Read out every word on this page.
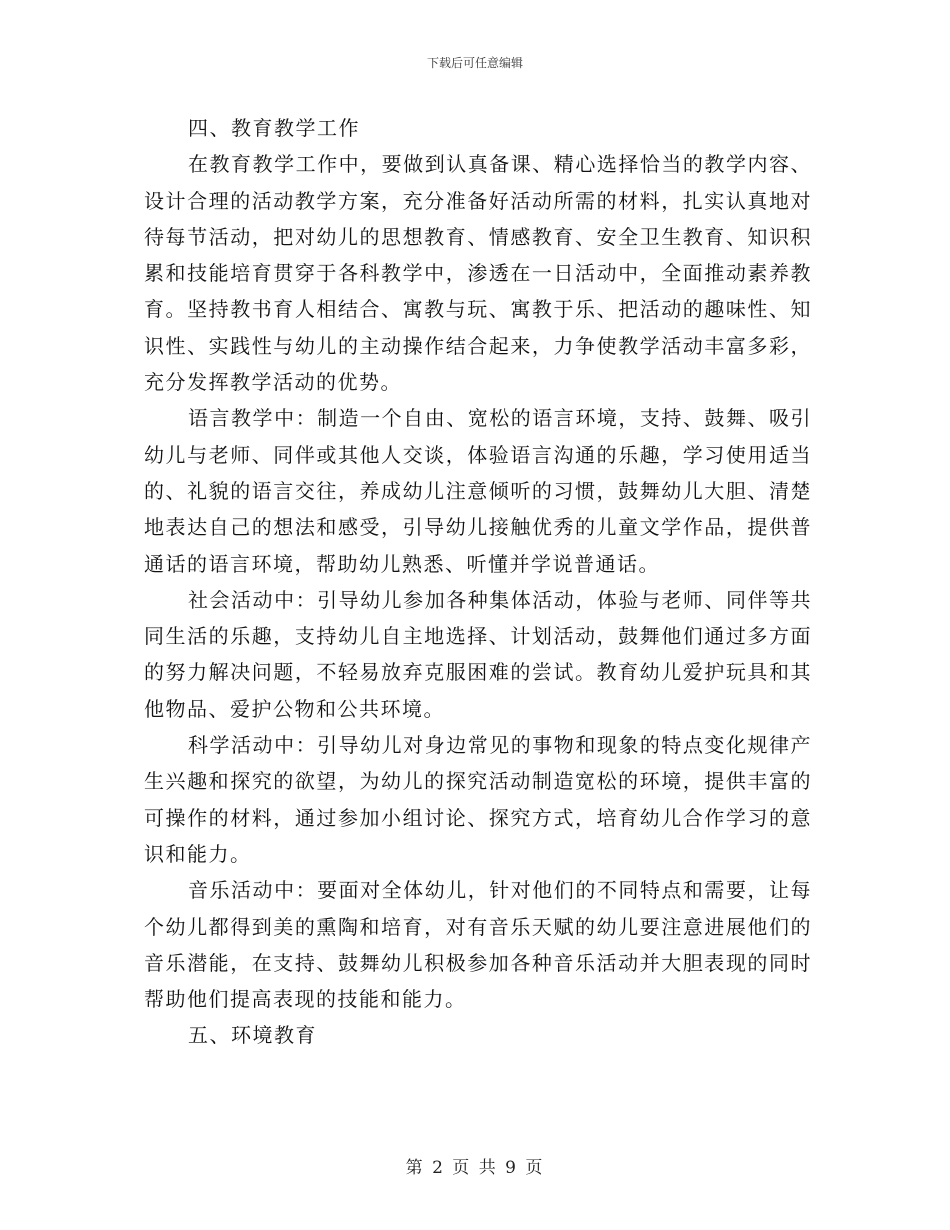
下载后可任意编辑
四、教育教学工作

在教育教学工作中，要做到认真备课、精心选择恰当的教学内容、设计合理的活动教学方案，充分准备好活动所需的材料，扎实认真地对待每节活动，把对幼儿的思想教育、情感教育、安全卫生教育、知识积累和技能培育贯穿于各科教学中，渗透在一日活动中，全面推动素养教育。坚持教书育人相结合、寓教与玩、寓教于乐、把活动的趣味性、知识性、实践性与幼儿的主动操作结合起来，力争使教学活动丰富多彩，充分发挥教学活动的优势。

语言教学中：制造一个自由、宽松的语言环境，支持、鼓舞、吸引幼儿与老师、同伴或其他人交谈，体验语言沟通的乐趣，学习使用适当的、礼貌的语言交往，养成幼儿注意倾听的习惯，鼓舞幼儿大胆、清楚地表达自己的想法和感受，引导幼儿接触优秀的儿童文学作品，提供普通话的语言环境，帮助幼儿熟悉、听懂并学说普通话。

社会活动中：引导幼儿参加各种集体活动，体验与老师、同伴等共同生活的乐趣，支持幼儿自主地选择、计划活动，鼓舞他们通过多方面的努力解决问题，不轻易放弃克服困难的尝试。教育幼儿爱护玩具和其他物品、爱护公物和公共环境。

科学活动中：引导幼儿对身边常见的事物和现象的特点变化规律产生兴趣和探究的欲望，为幼儿的探究活动制造宽松的环境，提供丰富的可操作的材料，通过参加小组讨论、探究方式，培育幼儿合作学习的意识和能力。

音乐活动中：要面对全体幼儿，针对他们的不同特点和需要，让每个幼儿都得到美的熏陶和培育，对有音乐天赋的幼儿要注意进展他们的音乐潜能，在支持、鼓舞幼儿积极参加各种音乐活动并大胆表现的同时帮助他们提高表现的技能和能力。

五、环境教育
第 2 页 共 9 页
